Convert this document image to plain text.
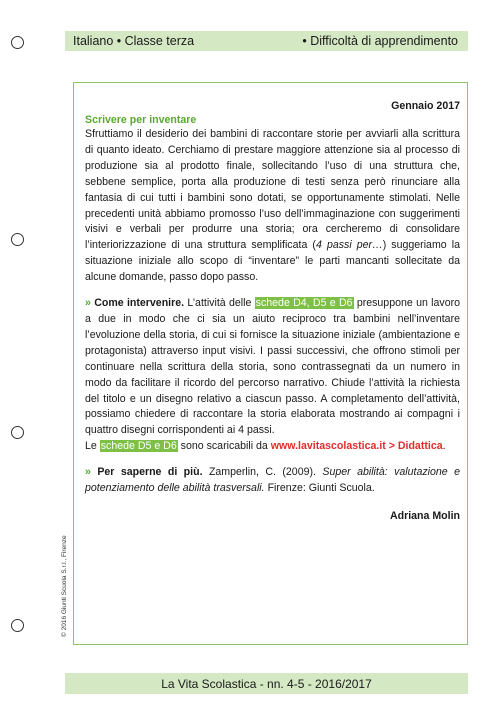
Italiano • Classe terza	• Difficoltà di apprendimento
Gennaio 2017
Scrivere per inventare

Sfruttiamo il desiderio dei bambini di raccontare storie per avviarli alla scrittura di quanto ideato. Cerchiamo di prestare maggiore attenzione sia al processo di produzione sia al prodotto finale, sollecitando l’uso di una struttura che, sebbene semplice, porta alla produzione di testi senza però rinunciare alla fantasia di cui tutti i bambini sono dotati, se opportunamente stimolati. Nelle precedenti unità abbiamo promosso l’uso dell’immaginazione con suggerimenti visivi e verbali per produrre una storia; ora cercheremo di consolidare l’interiorizzazione di una struttura semplificata (4 passi per…) suggeriamo la situazione iniziale allo scopo di “inventare” le parti mancanti sollecitate da alcune domande, passo dopo passo.

» Come intervenire. L’attività delle schede D4, D5 e D6 presuppone un lavoro a due in modo che ci sia un aiuto reciproco tra bambini nell’inventare l’evoluzione della storia, di cui si fornisce la situazione iniziale (ambientazione e protagonista) attraverso input visivi. I passi successivi, che offrono stimoli per continuare nella scrittura della storia, sono contrassegnati da un numero in modo da facilitare il ricordo del percorso narrativo. Chiude l’attività la richiesta del titolo e un disegno relativo a ciascun passo. A completamento dell’attività, possiamo chiedere di raccontare la storia elaborata mostrando ai compagni i quattro disegni corrispondenti ai 4 passi.

Le schede D5 e D6 sono scaricabili da www.lavitascolastica.it > Didattica.

» Per saperne di più. Zamperlin, C. (2009). Super abilità: valutazione e potenziamento delle abilità trasversali. Firenze: Giunti Scuola.

Adriana Molin
© 2016 Giunti Scuola S.r.l., Firenze
La Vita Scolastica - nn. 4-5 - 2016/2017
